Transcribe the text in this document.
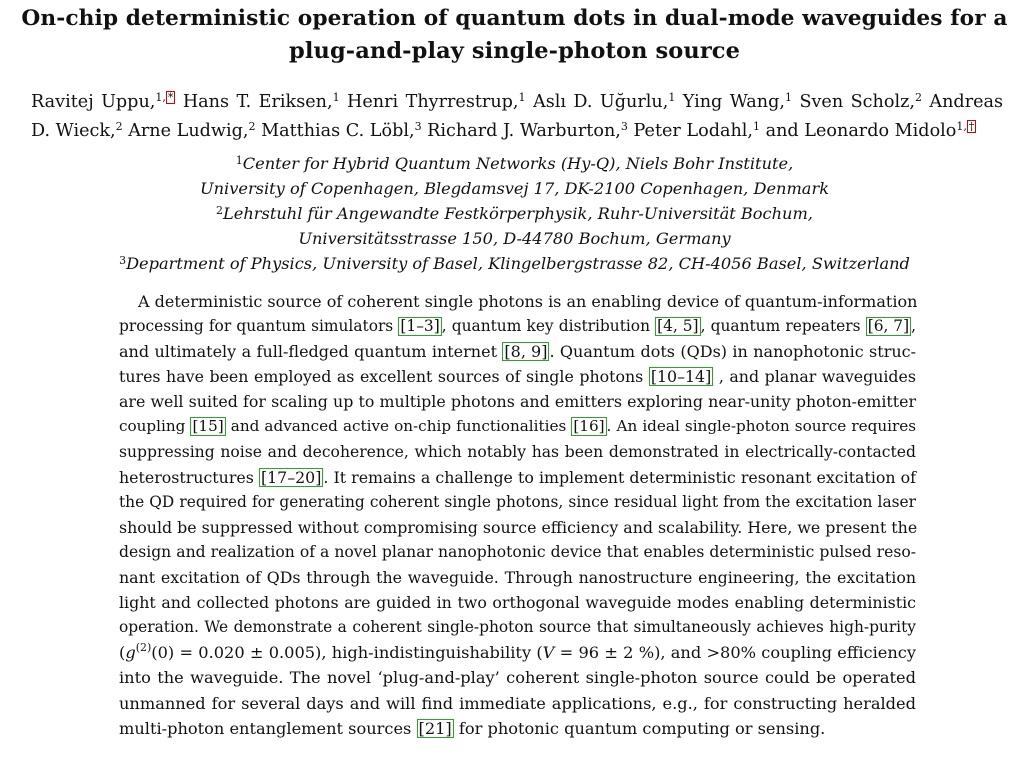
On-chip deterministic operation of quantum dots in dual-mode waveguides for a
plug-and-play single-photon source
Ravitej Uppu,$^{1,}$ * Hans T. Eriksen,$^1$ Henri Thyrrestrup,$^1$ Aslı D. Uğurlu,$^1$ Ying Wang,$^1$ Sven Scholz,$^2$ Andreas
D. Wieck,$^2$ Arne Ludwig,$^2$ Matthias C. Löbl,$^3$ Richard J. Warburton,$^3$ Peter Lodahl,$^1$ and Leonardo Midolo$^{1,}$ †
$^1$Center for Hybrid Quantum Networks (Hy-Q), Niels Bohr Institute,
University of Copenhagen, Blegdamsvej 17, DK-2100 Copenhagen, Denmark
$^2$Lehrstuhl für Angewandte Festkörperphysik, Ruhr-Universität Bochum,
Universitätsstrasse 150, D-44780 Bochum, Germany
$^3$Department of Physics, University of Basel, Klingelbergstrasse 82, CH-4056 Basel, Switzerland
A deterministic source of coherent single photons is an enabling device of quantum-information
processing for quantum simulators [1–3] , quantum key distribution [4, 5] , quantum repeaters [6, 7] ,
and ultimately a full-fledged quantum internet [8, 9] . Quantum dots (QDs) in nanophotonic struc-
tures have been employed as excellent sources of single photons [10–14] , and planar waveguides
are well suited for scaling up to multiple photons and emitters exploring near-unity photon-emitter
coupling [15] and advanced active on-chip functionalities [16] . An ideal single-photon source requires
suppressing noise and decoherence, which notably has been demonstrated in electrically-contacted
heterostructures [17–20] . It remains a challenge to implement deterministic resonant excitation of
the QD required for generating coherent single photons, since residual light from the excitation laser
should be suppressed without compromising source efficiency and scalability. Here, we present the
design and realization of a novel planar nanophotonic device that enables deterministic pulsed reso-
nant excitation of QDs through the waveguide. Through nanostructure engineering, the excitation
light and collected photons are guided in two orthogonal waveguide modes enabling deterministic
operation. We demonstrate a coherent single-photon source that simultaneously achieves high-purity
$(g^{(2)}(0) = 0.020 \pm 0.005)$, high-indistinguishability (V = 96 ± 2 %), and >80% coupling efficiency
into the waveguide. The novel ‘plug-and-play’ coherent single-photon source could be operated
unmanned for several days and will find immediate applications, e.g., for constructing heralded
multi-photon entanglement sources [21] for photonic quantum computing or sensing.
